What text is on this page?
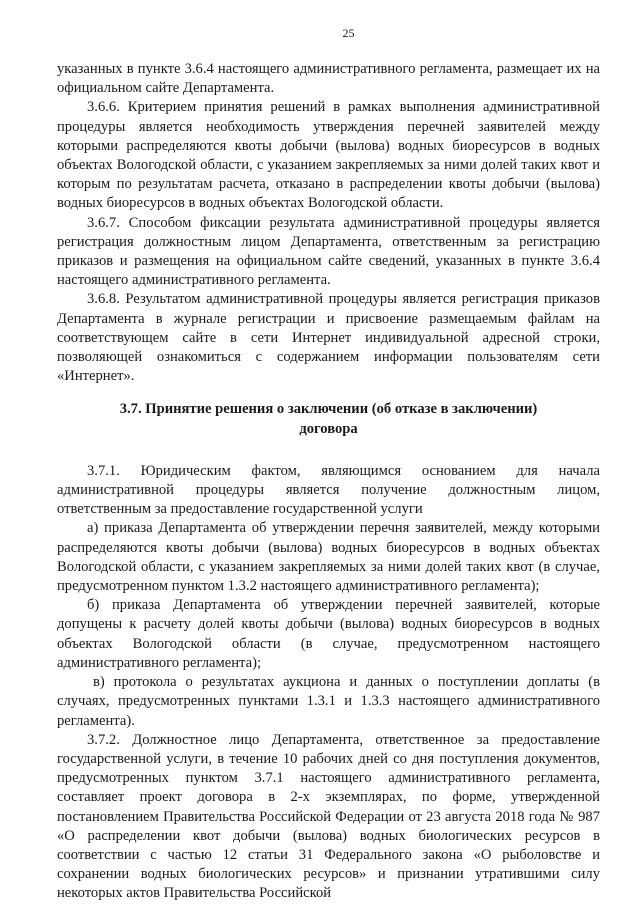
25

указанных в пункте 3.6.4 настоящего административного регламента, размещает их на официальном сайте Департамента.

3.6.6. Критерием принятия решений в рамках выполнения административной процедуры является необходимость утверждения перечней заявителей между которыми распределяются квоты добычи (вылова) водных биоресурсов в водных объектах Вологодской области, с указанием закрепляемых за ними долей таких квот и которым по результатам расчета, отказано в распределении квоты добычи (вылова) водных биоресурсов в водных объектах Вологодской области.

3.6.7. Способом фиксации результата административной процедуры является регистрация должностным лицом Департамента, ответственным за регистрацию приказов и размещения на официальном сайте сведений, указанных в пункте 3.6.4 настоящего административного регламента.

3.6.8. Результатом административной процедуры является регистрация приказов Департамента в журнале регистрации и присвоение размещаемым файлам на соответствующем сайте в сети Интернет индивидуальной адресной строки, позволяющей ознакомиться с содержанием информации пользователям сети «Интернет».

3.7. Принятие решения о заключении (об отказе в заключении) договора

3.7.1. Юридическим фактом, являющимся основанием для начала административной процедуры является получение должностным лицом, ответственным за предоставление государственной услуги

а) приказа Департамента об утверждении перечня заявителей, между которыми распределяются квоты добычи (вылова) водных биоресурсов в водных объектах Вологодской области, с указанием закрепляемых за ними долей таких квот (в случае, предусмотренном пунктом 1.3.2 настоящего административного регламента);

б) приказа Департамента об утверждении перечней заявителей, которые допущены к расчету долей квоты добычи (вылова) водных биоресурсов в водных объектах Вологодской области (в случае, предусмотренном настоящего административного регламента);

в) протокола о результатах аукциона и данных о поступлении доплаты (в случаях, предусмотренных пунктами 1.3.1 и 1.3.3 настоящего административного регламента).

3.7.2. Должностное лицо Департамента, ответственное за предоставление государственной услуги, в течение 10 рабочих дней со дня поступления документов, предусмотренных пунктом 3.7.1 настоящего административного регламента, составляет проект договора в 2-х экземплярах, по форме, утвержденной постановлением Правительства Российской Федерации от 23 августа 2018 года № 987 «О распределении квот добычи (вылова) водных биологических ресурсов в соответствии с частью 12 статьи 31 Федерального закона «О рыболовстве и сохранении водных биологических ресурсов» и признании утратившими силу некоторых актов Правительства Российской
